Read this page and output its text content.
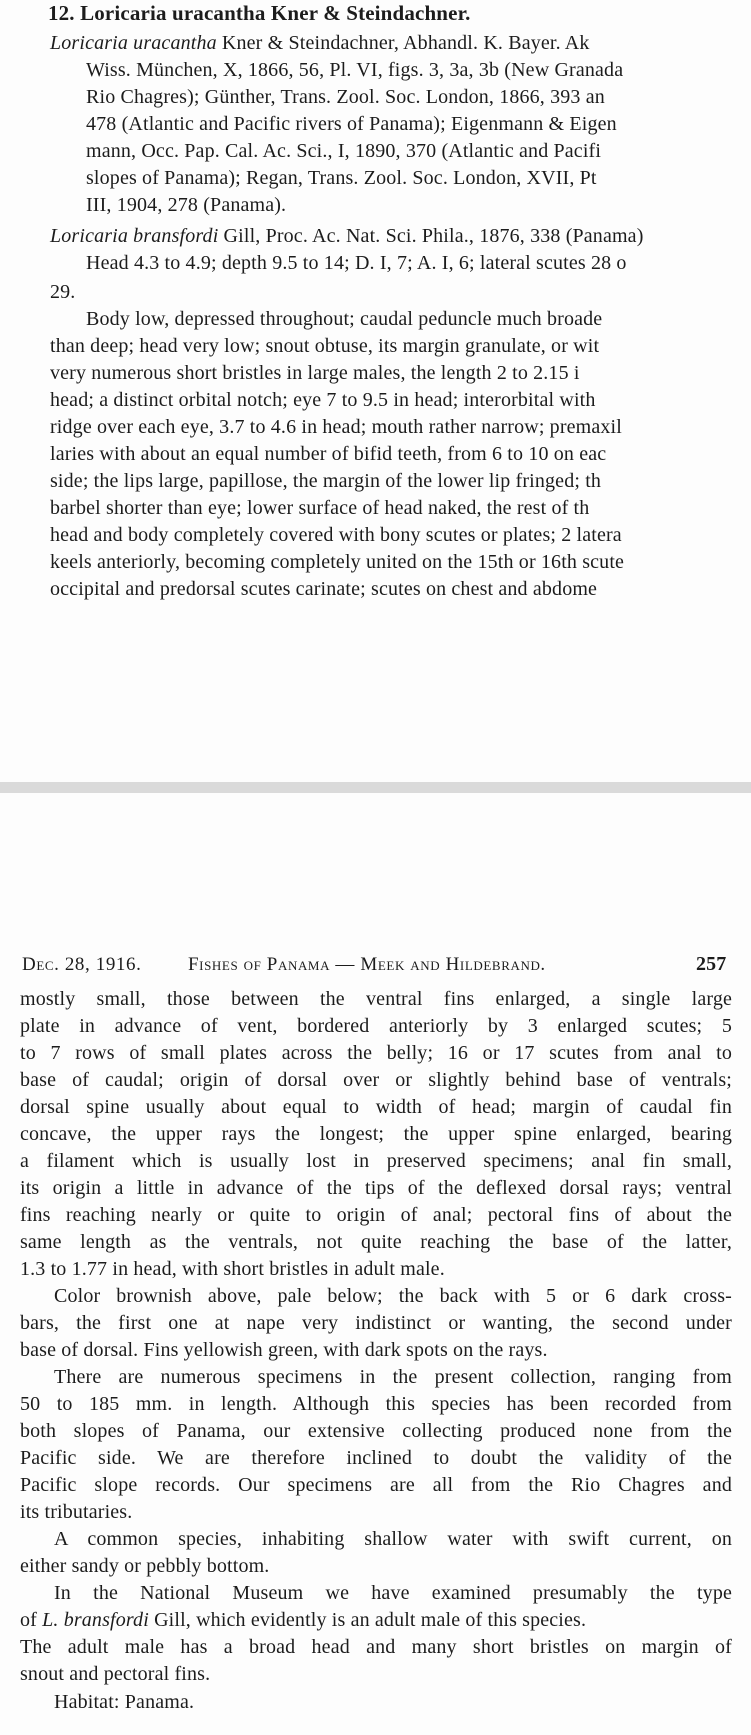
12. Loricaria uracantha Kner & Steindachner.
Loricaria uracantha Kner & Steindachner, Abhandl. K. Bayer. Ak
Wiss. München, X, 1866, 56, Pl. VI, figs. 3, 3a, 3b (New Granada
Rio Chagres); Günther, Trans. Zool. Soc. London, 1866, 393 an
478 (Atlantic and Pacific rivers of Panama); Eigenmann & Eigen
mann, Occ. Pap. Cal. Ac. Sci., I, 1890, 370 (Atlantic and Pacifi
slopes of Panama); Regan, Trans. Zool. Soc. London, XVII, Pt
III, 1904, 278 (Panama).
Loricaria bransfordi Gill, Proc. Ac. Nat. Sci. Phila., 1876, 338 (Panama)
Head 4.3 to 4.9; depth 9.5 to 14; D. I, 7; A. I, 6; lateral scutes 28 o
29.
Body low, depressed throughout; caudal peduncle much broade
than deep; head very low; snout obtuse, its margin granulate, or wit
very numerous short bristles in large males, the length 2 to 2.15 i
head; a distinct orbital notch; eye 7 to 9.5 in head; interorbital with
ridge over each eye, 3.7 to 4.6 in head; mouth rather narrow; premaxil
laries with about an equal number of bifid teeth, from 6 to 10 on eac
side; the lips large, papillose, the margin of the lower lip fringed; th
barbel shorter than eye; lower surface of head naked, the rest of th
head and body completely covered with bony scutes or plates; 2 latera
keels anteriorly, becoming completely united on the 15th or 16th scute
occipital and predorsal scutes carinate; scutes on chest and abdome
Dec. 28, 1916. Fishes of Panama — Meek and Hildebrand.	257
mostly small, those between the ventral fins enlarged, a single large
plate in advance of vent, bordered anteriorly by 3 enlarged scutes; 5
to 7 rows of small plates across the belly; 16 or 17 scutes from anal to
base of caudal; origin of dorsal over or slightly behind base of ventrals;
dorsal spine usually about equal to width of head; margin of caudal fin
concave, the upper rays the longest; the upper spine enlarged, bearing
a filament which is usually lost in preserved specimens; anal fin small,
its origin a little in advance of the tips of the deflexed dorsal rays; ventral
fins reaching nearly or quite to origin of anal; pectoral fins of about the
same length as the ventrals, not quite reaching the base of the latter,
1.3 to 1.77 in head, with short bristles in adult male.
Color brownish above, pale below; the back with 5 or 6 dark cross-
bars, the first one at nape very indistinct or wanting, the second under
base of dorsal. Fins yellowish green, with dark spots on the rays.
There are numerous specimens in the present collection, ranging from
50 to 185 mm. in length. Although this species has been recorded from
both slopes of Panama, our extensive collecting produced none from the
Pacific side. We are therefore inclined to doubt the validity of the
Pacific slope records. Our specimens are all from the Rio Chagres and
its tributaries.
A common species, inhabiting shallow water with swift current, on
either sandy or pebbly bottom.
In the National Museum we have examined presumably the type
of L. bransfordi Gill, which evidently is an adult male of this species.
The adult male has a broad head and many short bristles on margin of
snout and pectoral fins.
Habitat: Panama.
